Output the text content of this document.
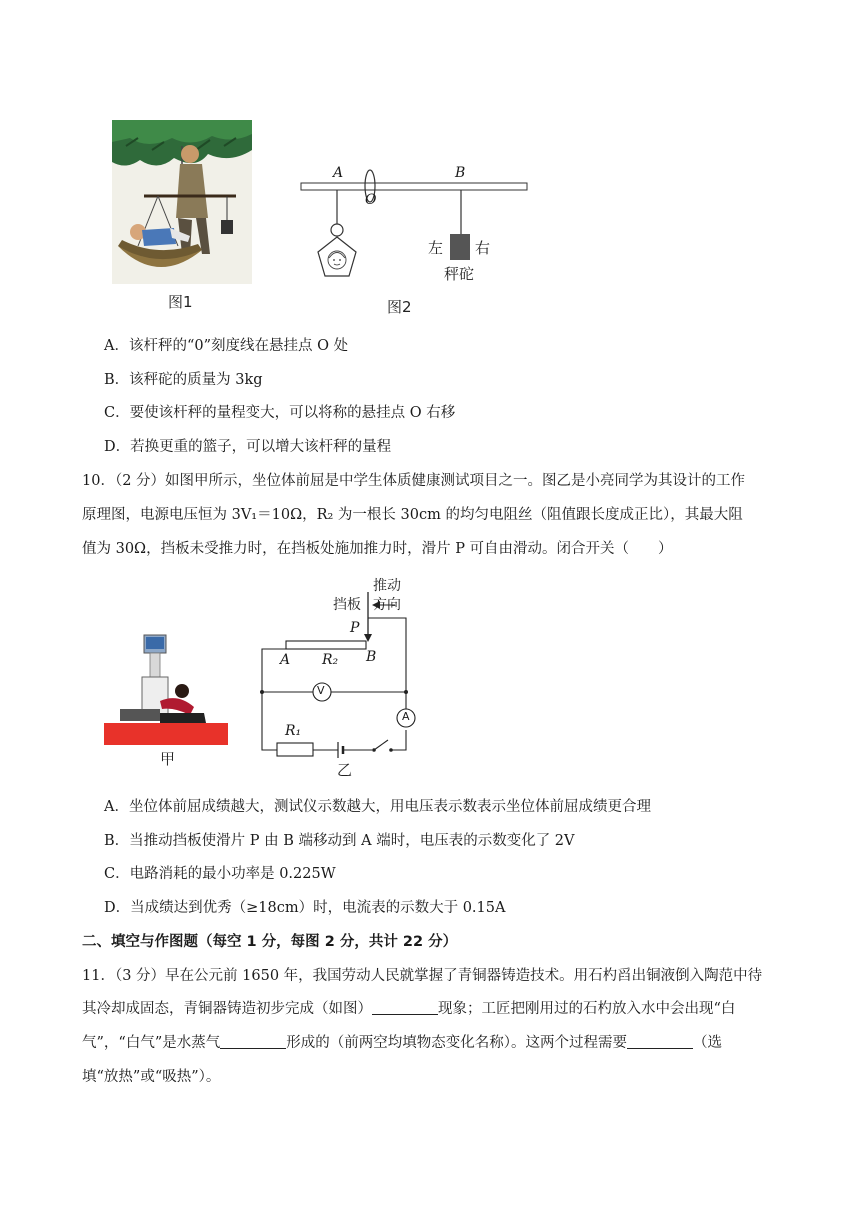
图1
A
O
B
左 右
秤砣
图2
A．该杆秤的“0”刻度线在悬挂点 O 处
B．该秤砣的质量为 3kg
C．要使该杆秤的量程变大，可以将称的悬挂点 O 右移
D．若换更重的篮子，可以增大该杆秤的量程
10．（2 分）如图甲所示，坐位体前屈是中学生体质健康测试项目之一。图乙是小亮同学为其设计的工作
原理图，电源电压恒为 3V₁＝10Ω，R₂ 为一根长 30cm 的均匀电阻丝（阻值跟长度成正比），其最大阻
值为 30Ω，挡板未受推力时，在挡板处施加推力时，滑片 P 可自由滑动。闭合开关（　　）
甲
推动
方向
挡板
P
A R₂ B
V
A
R₁
乙
A．坐位体前屈成绩越大，测试仪示数越大，用电压表示数表示坐位体前屈成绩更合理
B．当推动挡板使滑片 P 由 B 端移动到 A 端时，电压表的示数变化了 2V
C．电路消耗的最小功率是 0.225W
D．当成绩达到优秀（≥18cm）时，电流表的示数大于 0.15A
二、填空与作图题（每空 1 分，每图 2 分，共计 22 分）
11．（3 分）早在公元前 1650 年，我国劳动人民就掌握了青铜器铸造技术。用石杓舀出铜液倒入陶范中待
其冷却成固态，青铜器铸造初步完成（如图）	现象；工匠把刚用过的石杓放入水中会出现“白
气”，“白气”是水蒸气	形成的（前两空均填物态变化名称）。这两个过程需要	（选
填“放热”或“吸热”）。
